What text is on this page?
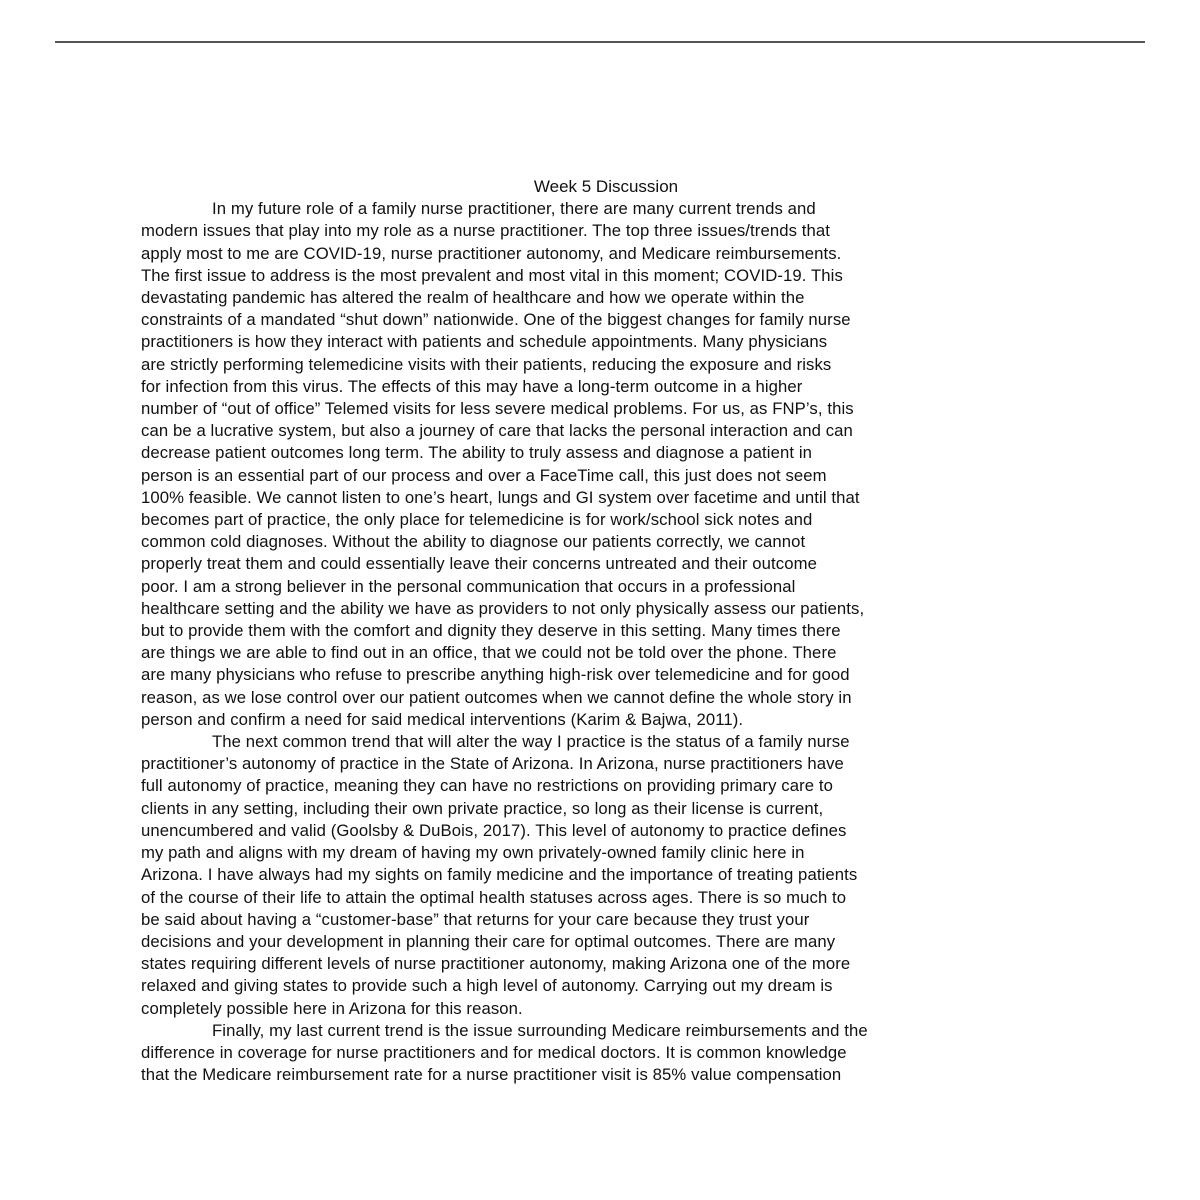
Week 5 Discussion

In my future role of a family nurse practitioner, there are many current trends and
modern issues that play into my role as a nurse practitioner. The top three issues/trends that
apply most to me are COVID-19, nurse practitioner autonomy, and Medicare reimbursements.
The first issue to address is the most prevalent and most vital in this moment; COVID-19. This
devastating pandemic has altered the realm of healthcare and how we operate within the
constraints of a mandated “shut down” nationwide. One of the biggest changes for family nurse
practitioners is how they interact with patients and schedule appointments. Many physicians
are strictly performing telemedicine visits with their patients, reducing the exposure and risks
for infection from this virus. The effects of this may have a long-term outcome in a higher
number of “out of office” Telemed visits for less severe medical problems. For us, as FNP’s, this
can be a lucrative system, but also a journey of care that lacks the personal interaction and can
decrease patient outcomes long term. The ability to truly assess and diagnose a patient in
person is an essential part of our process and over a FaceTime call, this just does not seem
100% feasible. We cannot listen to one’s heart, lungs and GI system over facetime and until that
becomes part of practice, the only place for telemedicine is for work/school sick notes and
common cold diagnoses. Without the ability to diagnose our patients correctly, we cannot
properly treat them and could essentially leave their concerns untreated and their outcome
poor. I am a strong believer in the personal communication that occurs in a professional
healthcare setting and the ability we have as providers to not only physically assess our patients,
but to provide them with the comfort and dignity they deserve in this setting. Many times there
are things we are able to find out in an office, that we could not be told over the phone. There
are many physicians who refuse to prescribe anything high-risk over telemedicine and for good
reason, as we lose control over our patient outcomes when we cannot define the whole story in
person and confirm a need for said medical interventions (Karim & Bajwa, 2011).
The next common trend that will alter the way I practice is the status of a family nurse
practitioner’s autonomy of practice in the State of Arizona. In Arizona, nurse practitioners have
full autonomy of practice, meaning they can have no restrictions on providing primary care to
clients in any setting, including their own private practice, so long as their license is current,
unencumbered and valid (Goolsby & DuBois, 2017). This level of autonomy to practice defines
my path and aligns with my dream of having my own privately-owned family clinic here in
Arizona. I have always had my sights on family medicine and the importance of treating patients
of the course of their life to attain the optimal health statuses across ages. There is so much to
be said about having a “customer-base” that returns for your care because they trust your
decisions and your development in planning their care for optimal outcomes. There are many
states requiring different levels of nurse practitioner autonomy, making Arizona one of the more
relaxed and giving states to provide such a high level of autonomy. Carrying out my dream is
completely possible here in Arizona for this reason.
Finally, my last current trend is the issue surrounding Medicare reimbursements and the
difference in coverage for nurse practitioners and for medical doctors. It is common knowledge
that the Medicare reimbursement rate for a nurse practitioner visit is 85% value compensation
